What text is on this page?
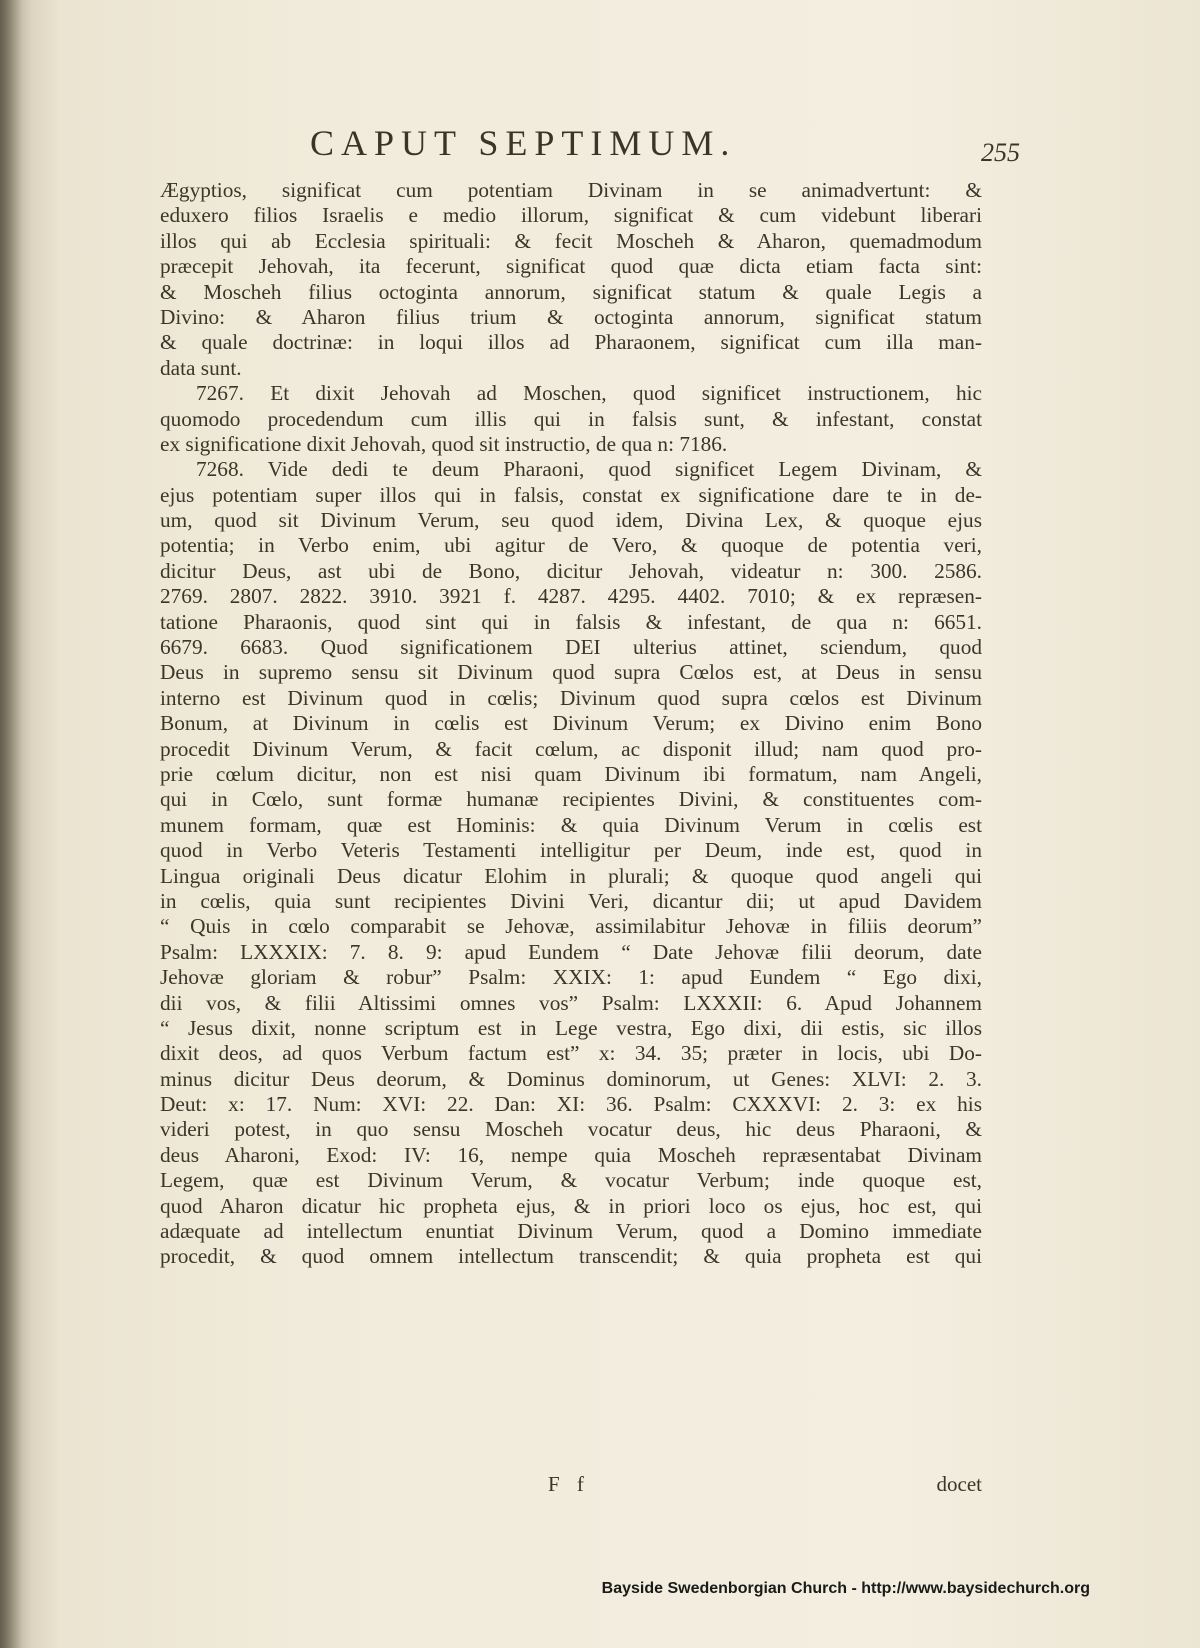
CAPUT SEPTIMUM.	255
Ægyptios, significat cum potentiam Divinam in se animadvertunt: &
eduxero filios Israelis e medio illorum, significat & cum videbunt liberari
illos qui ab Ecclesia spirituali: & fecit Moscheh & Aharon, quemadmodum
præcepit Jehovah, ita fecerunt, significat quod quæ dicta etiam facta sint:
& Moscheh filius octoginta annorum, significat statum & quale Legis a
Divino: & Aharon filius trium & octoginta annorum, significat statum
& quale doctrinæ: in loqui illos ad Pharaonem, significat cum illa man-
data sunt.
7267. Et dixit Jehovah ad Moschen, quod significet instructionem, hic
quomodo procedendum cum illis qui in falsis sunt, & infestant, constat
ex significatione dixit Jehovah, quod sit instructio, de qua n: 7186.
7268. Vide dedi te deum Pharaoni, quod significet Legem Divinam, &
ejus potentiam super illos qui in falsis, constat ex significatione dare te in de-
um, quod sit Divinum Verum, seu quod idem, Divina Lex, & quoque ejus
potentia; in Verbo enim, ubi agitur de Vero, & quoque de potentia veri,
dicitur Deus, ast ubi de Bono, dicitur Jehovah, videatur n: 300. 2586.
2769. 2807. 2822. 3910. 3921 f. 4287. 4295. 4402. 7010; & ex repræsen-
tatione Pharaonis, quod sint qui in falsis & infestant, de qua n: 6651.
6679. 6683. Quod significationem DEI ulterius attinet, sciendum, quod
Deus in supremo sensu sit Divinum quod supra Cœlos est, at Deus in sensu
interno est Divinum quod in cœlis; Divinum quod supra cœlos est Divinum
Bonum, at Divinum in cœlis est Divinum Verum; ex Divino enim Bono
procedit Divinum Verum, & facit cœlum, ac disponit illud; nam quod pro-
prie cœlum dicitur, non est nisi quam Divinum ibi formatum, nam Angeli,
qui in Cœlo, sunt formæ humanæ recipientes Divini, & constituentes com-
munem formam, quæ est Hominis: & quia Divinum Verum in cœlis est
quod in Verbo Veteris Testamenti intelligitur per Deum, inde est, quod in
Lingua originali Deus dicatur Elohim in plurali; & quoque quod angeli qui
in cœlis, quia sunt recipientes Divini Veri, dicantur dii; ut apud Davidem
“ Quis in cœlo comparabit se Jehovæ, assimilabitur Jehovæ in filiis deorum”
Psalm: LXXXIX: 7. 8. 9: apud Eundem “ Date Jehovæ filii deorum, date
Jehovæ gloriam & robur” Psalm: XXIX: 1: apud Eundem “ Ego dixi,
dii vos, & filii Altissimi omnes vos” Psalm: LXXXII: 6. Apud Johannem
“ Jesus dixit, nonne scriptum est in Lege vestra, Ego dixi, dii estis, sic illos
dixit deos, ad quos Verbum factum est” x: 34. 35; præter in locis, ubi Do-
minus dicitur Deus deorum, & Dominus dominorum, ut Genes: XLVI: 2. 3.
Deut: x: 17. Num: XVI: 22. Dan: XI: 36. Psalm: CXXXVI: 2. 3: ex his
videri potest, in quo sensu Moscheh vocatur deus, hic deus Pharaoni, &
deus Aharoni, Exod: IV: 16, nempe quia Moscheh repræsentabat Divinam
Legem, quæ est Divinum Verum, & vocatur Verbum; inde quoque est,
quod Aharon dicatur hic propheta ejus, & in priori loco os ejus, hoc est, qui
adæquate ad intellectum enuntiat Divinum Verum, quod a Domino immediate
procedit, & quod omnem intellectum transcendit; & quia propheta est qui
F f	docet
Bayside Swedenborgian Church - http://www.baysidechurch.org
